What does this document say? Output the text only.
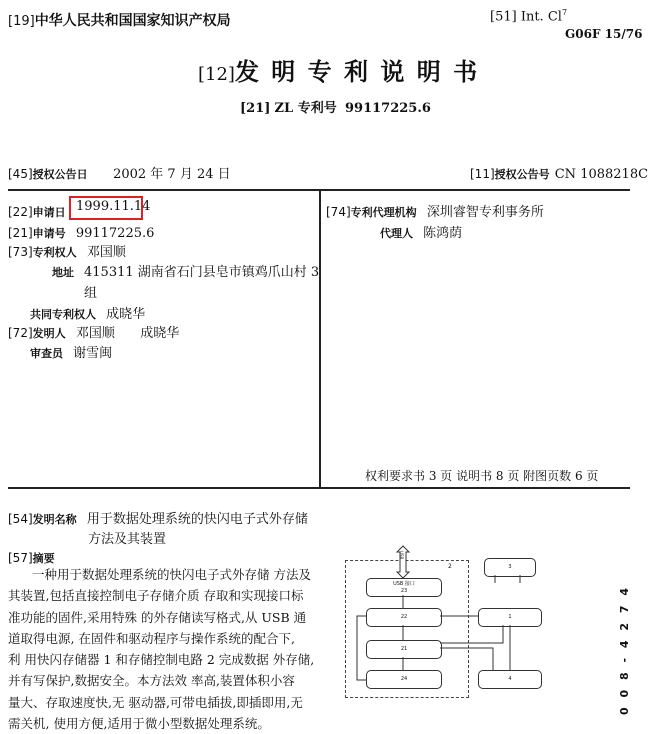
[19]中华人民共和国国家知识产权局	[51] Int. Cl$^7$
G06F 15/76
[12]发 明 专 利 说 明 书
[21] ZL 专利号 99117225.6
[45]授权公告日 2002 年 7 月 24 日	[11]授权公告号 CN 1088218C
[22]申请日 1999.11.14
[21]申请号 99117225.6
[73]专利权人 邓国顺
地址 415311 湖南省石门县皂市镇鸡爪山村 3
组
共同专利权人 成晓华
[72]发明人 邓国顺 成晓华
审查员 谢雪闽
[74]专利代理机构 深圳睿智专利事务所
代理人 陈鸿荫
权利要求书 3 页 说明书 8 页 附图页数 6 页
[54]发明名称 用于数据处理系统的快闪电子式外存储
方法及其装置
[57]摘要
一种用于数据处理系统的快闪电子式外存储 方法及
其装置,包括直接控制电子存储介质 存取和实现接口标
准功能的固件,采用特殊 的外存储读写格式,从 USB 通
道取得电源, 在固件和驱动程序与操作系统的配合下,
利 用快闪存储器 1 和存储控制电路 2 完成数据 外存储,
并有写保护,数据安全。本方法效 率高,装置体积小容
量大、存取速度快,无 驱动器,可带电插拔,即插即用,无
需关机, 使用方便,适用于微小型数据处理系统。
2
USB
USB 接口
23
22
21
24
3
1
4	0 0 8 - 4 2 7 4
